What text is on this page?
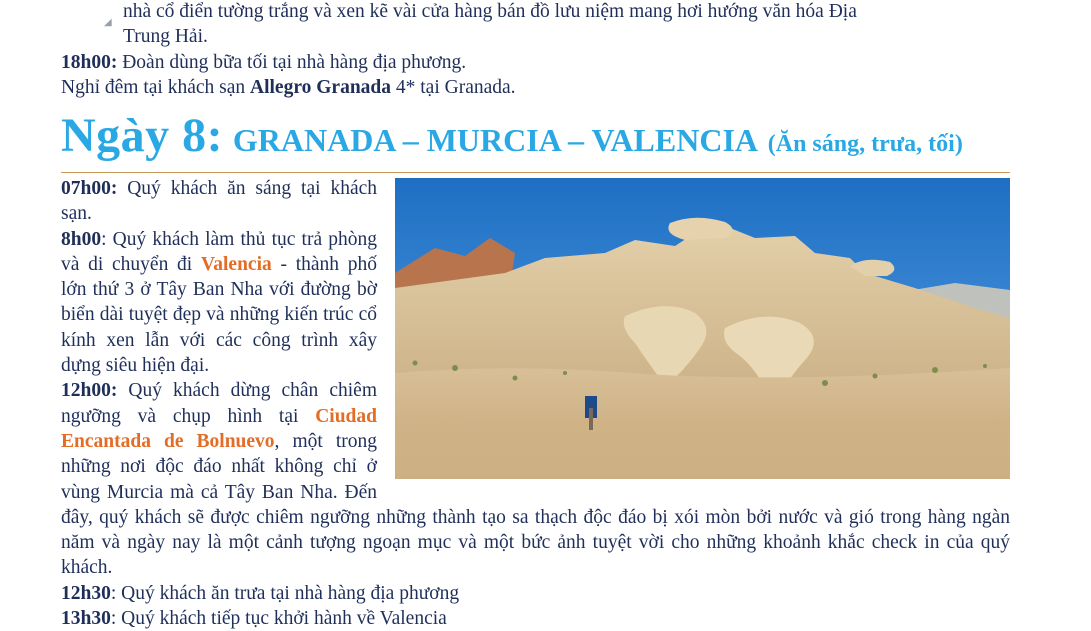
◢

nhà cổ điển tường trắng và xen kẽ vài cửa hàng bán đồ lưu niệm mang hơi hướng văn hóa Địa
Trung Hải.

18h00: Đoàn dùng bữa tối tại nhà hàng địa phương.

Nghỉ đêm tại khách sạn Allegro Granada 4* tại Granada.

Ngày 8: GRANADA – MURCIA – VALENCIA (Ăn sáng, trưa, tối)

07h00: Quý khách ăn sáng tại khách sạn.

8h00: Quý khách làm thủ tục trả phòng và di chuyển đi Valencia - thành phố lớn thứ 3 ở Tây Ban Nha với đường bờ biển dài tuyệt đẹp và những kiến trúc cổ kính xen lẫn với các công trình xây dựng siêu hiện đại.

12h00: Quý khách dừng chân chiêm ngưỡng và chụp hình tại Ciudad Encantada de Bolnuevo, một trong những nơi độc đáo nhất không chỉ ở vùng Murcia mà cả Tây Ban Nha. Đến đây, quý khách sẽ được chiêm ngưỡng những thành tạo sa thạch độc đáo bị xói mòn bởi nước và gió trong hàng ngàn năm và ngày nay là một cảnh tượng ngoạn mục và một bức ảnh tuyệt vời cho những khoảnh khắc check in của quý khách.

12h30: Quý khách ăn trưa tại nhà hàng địa phương

13h30: Quý khách tiếp tục khởi hành về Valencia
